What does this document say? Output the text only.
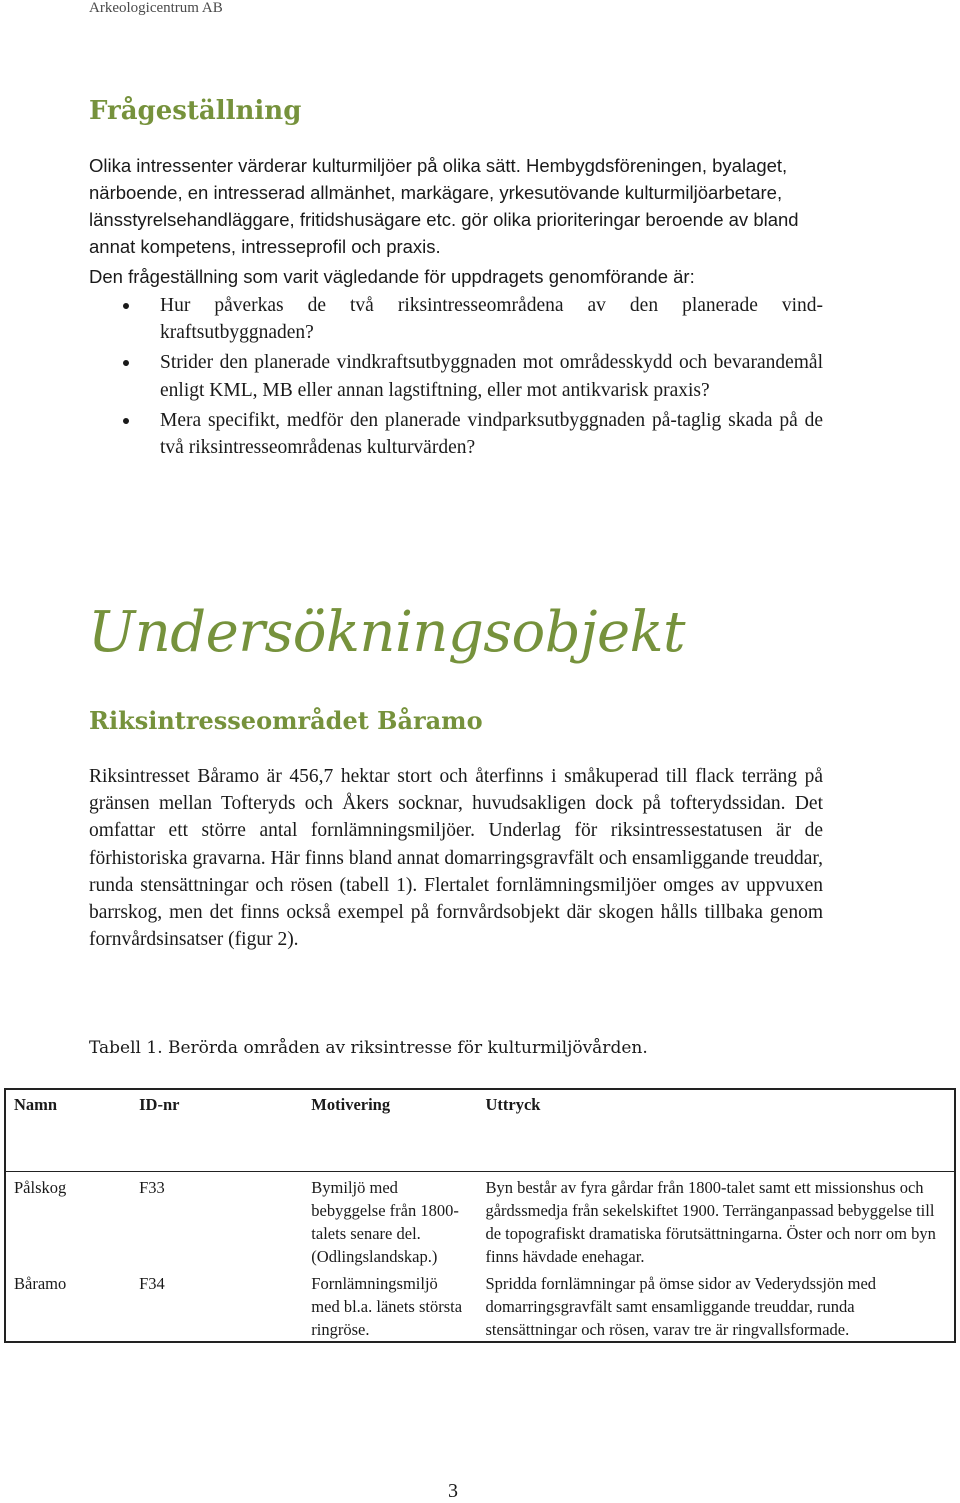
Arkeologicentrum AB
Frågeställning
Olika intressenter värderar kulturmiljöer på olika sätt. Hembygdsföreningen, byalaget, närboende, en intresserad allmänhet, markägare, yrkesutövande kulturmiljöarbetare, länsstyrelsehandläggare, fritidshusägare etc. gör olika prioriteringar beroende av bland annat kompetens, intresseprofil och praxis.
Den frågeställning som varit vägledande för uppdragets genomförande är:
Hur påverkas de två riksintresseområdena av den planerade vind-kraftsutbyggnaden?
Strider den planerade vindkraftsutbyggnaden mot områdesskydd och bevarandemål enligt KML, MB eller annan lagstiftning, eller mot antikvarisk praxis?
Mera specifikt, medför den planerade vindparksutbyggnaden på-taglig skada på de två riksintresseområdenas kulturvärden?
Undersökningsobjekt
Riksintresseområdet Båramo
Riksintresset Båramo är 456,7 hektar stort och återfinns i småkuperad till flack terräng på gränsen mellan Tofteryds och Åkers socknar, huvudsakligen dock på tofterydssidan. Det omfattar ett större antal fornlämningsmiljöer. Underlag för riksintressestatusen är de förhistoriska gravarna. Här finns bland annat domarringsgravfält och ensamliggande treuddar, runda stensättningar och rösen (tabell 1). Flertalet fornlämningsmiljöer omges av uppvuxen barrskog, men det finns också exempel på fornvårdsobjekt där skogen hålls tillbaka genom fornvårdsinsatser (figur 2).
Tabell 1. Berörda områden av riksintresse för kulturmiljövården.
Namn	ID-nr	Motivering	Uttryck
Pålskog	F33	Bymiljö med bebyggelse från 1800-talets senare del. (Odlingslandskap.)	Byn består av fyra gårdar från 1800-talet samt ett missionshus och gårdssmedja från sekelskiftet 1900. Terränganpassad bebyggelse till de topografiskt dramatiska förutsättningarna. Öster och norr om byn finns hävdade enehagar.
Båramo	F34	Fornlämningsmiljö med bl.a. länets största ringröse.	Spridda fornlämningar på ömse sidor av Vederydssjön med domarringsgravfält samt ensamliggande treuddar, runda stensättningar och rösen, varav tre är ringvallsformade.
3
